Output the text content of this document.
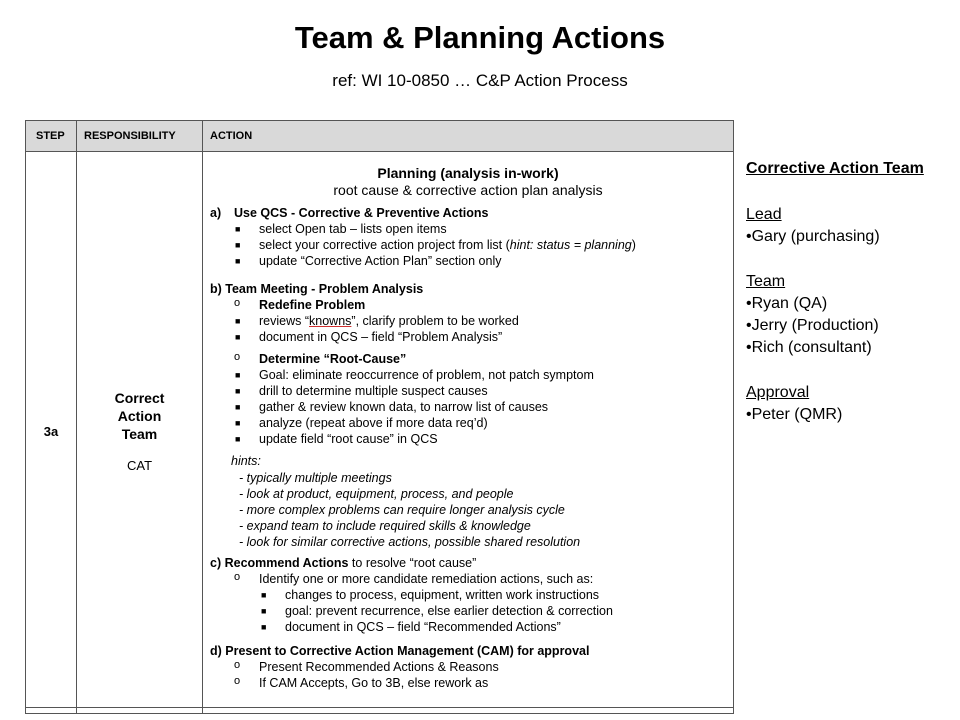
Team & Planning Actions
ref: WI 10-0850 … C&P Action Process
STEP RESPONSIBILITY	ACTION
3a
Correct
Action
Team
CAT
Planning (analysis in-work)
root cause & corrective action plan analysis
a) Use QCS - Corrective & Preventive Actions
■ select Open tab – lists open items
■ select your corrective action project from list (hint: status = planning)
■ update “Corrective Action Plan” section only
b) Team Meeting - Problem Analysis
o Redefine Problem
■ reviews “knowns”, clarify problem to be worked
■ document in QCS – field “Problem Analysis”
o Determine “Root-Cause”
■ Goal: eliminate reoccurrence of problem, not patch symptom
■ drill to determine multiple suspect causes
■ gather & review known data, to narrow list of causes
■ analyze (repeat above if more data req’d)
■ update field “root cause” in QCS
hints:
- typically multiple meetings
- look at product, equipment, process, and people
- more complex problems can require longer analysis cycle
- expand team to include required skills & knowledge
- look for similar corrective actions, possible shared resolution
c) Recommend Actions to resolve “root cause”
o Identify one or more candidate remediation actions, such as:
■ changes to process, equipment, written work instructions
■ goal: prevent recurrence, else earlier detection & correction
■ document in QCS – field “Recommended Actions”
d) Present to Corrective Action Management (CAM) for approval
o Present Recommended Actions & Reasons
o If CAM Accepts, Go to 3B, else rework as
Corrective Action Team
Lead
•Gary (purchasing)
Team
•Ryan (QA)
•Jerry (Production)
•Rich (consultant)
Approval
•Peter (QMR)
